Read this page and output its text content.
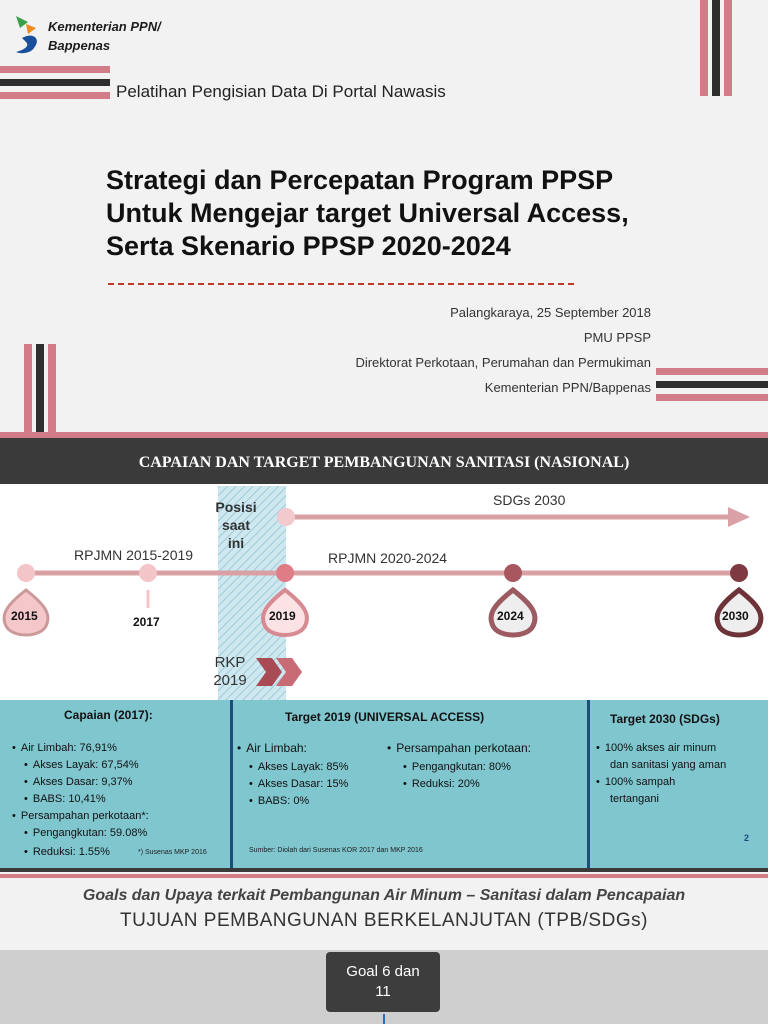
Kementerian PPN/
Bappenas
Pelatihan Pengisian Data Di Portal Nawasis
Strategi dan Percepatan Program PPSP
Untuk Mengejar target Universal Access,
Serta Skenario PPSP 2020-2024
Palangkaraya, 25 September 2018
PMU PPSP
Direktorat Perkotaan, Perumahan dan Permukiman
Kementerian PPN/Bappenas
CAPAIAN DAN TARGET PEMBANGUNAN SANITASI (NASIONAL)
Posisi
saat ini
SDGs 2030
RPJMN 2015-2019	RPJMN 2020-2024
2015	2017	2019	2024	2030
RKP
2019
Capaian (2017):
• Air Limbah: 76,91%
• Akses Layak: 67,54%
• Akses Dasar: 9,37%
• BABS: 10,41%
• Persampahan perkotaan*:
• Pengangkutan: 59.08%
• Reduksi: 1.55%	*) Susenas MKP 2016
Target 2019 (UNIVERSAL ACCESS)
• Air Limbah:
• Akses Layak: 85%
• Akses Dasar: 15%
• BABS: 0%
• Persampahan perkotaan:
• Pengangkutan: 80%
• Reduksi: 20%
Sumber: Diolah dari Susenas KOR 2017 dan MKP 2016
Target 2030 (SDGs)
• 100% akses air minum
dan sanitasi yang aman
• 100% sampah
tertangani
2
Goals dan Upaya terkait Pembangunan Air Minum – Sanitasi dalam Pencapaian
TUJUAN PEMBANGUNAN BERKELANJUTAN (TPB/SDGs)
Goal 6 dan
11
